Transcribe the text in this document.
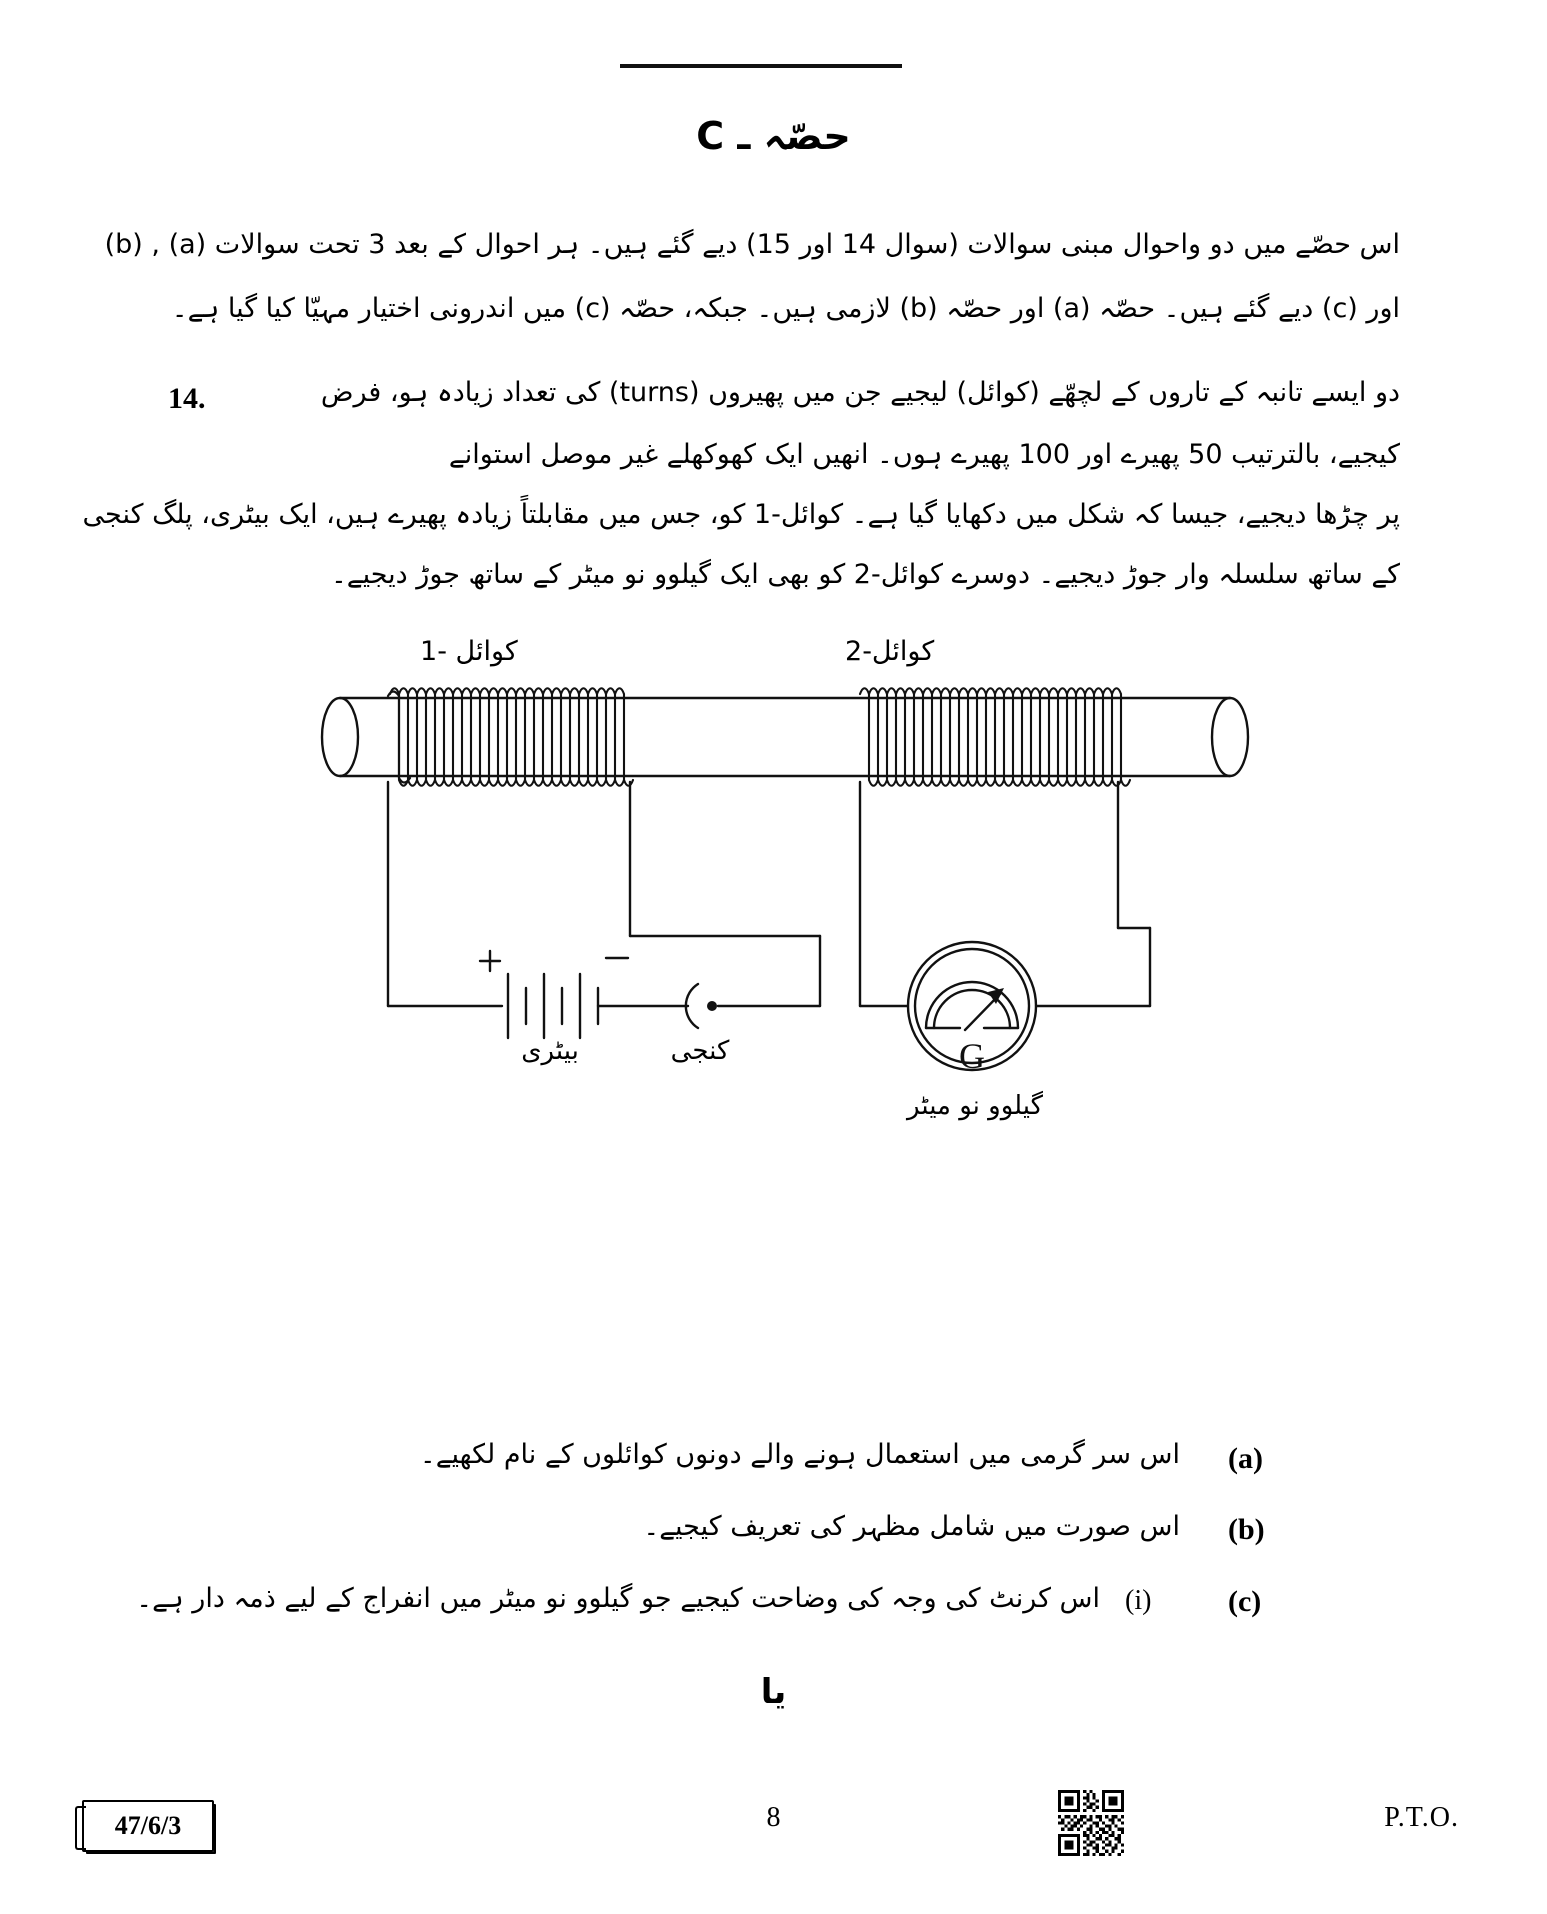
حصّہ ـ C
اس حصّے میں دو واحوال مبنی سوالات (سوال 14 اور 15) دیے گئے ہیں۔ ہر احوال کے بعد 3 تحت سوالات (a) , (b)
اور (c) دیے گئے ہیں۔ حصّہ (a) اور حصّہ (b) لازمی ہیں۔ جبکہ، حصّہ (c) میں اندرونی اختیار مہیّا کیا گیا ہے۔
14.	دو ایسے تانبہ کے تاروں کے لچھّے (کوائل) لیجیے جن میں پھیروں (turns) کی تعداد زیادہ ہو، فرض
کیجیے، بالترتیب 50 پھیرے اور 100 پھیرے ہوں۔ انھیں ایک کھوکھلے غیر موصل استوانے
پر چڑھا دیجیے، جیسا کہ شکل میں دکھایا گیا ہے۔ کوائل-1 کو، جس میں مقابلتاً زیادہ پھیرے ہیں، ایک بیٹری، پلگ کنجی
کے ساتھ سلسلہ وار جوڑ دیجیے۔ دوسرے کوائل-2 کو بھی ایک گیلوو نو میٹر کے ساتھ جوڑ دیجیے۔
کوائل -1	کوائل-2
G
بیٹری	کنجی
گیلوو نو میٹر
(a)
اس سر گرمی میں استعمال ہونے والے دونوں کوائلوں کے نام لکھیے۔
(b)
اس صورت میں شامل مظہر کی تعریف کیجیے۔
(c)
(i)
اس کرنٹ کی وجہ کی وضاحت کیجیے جو گیلوو نو میٹر میں انفراج کے لیے ذمہ دار ہے۔
یا
47/6/3	8	P.T.O.
